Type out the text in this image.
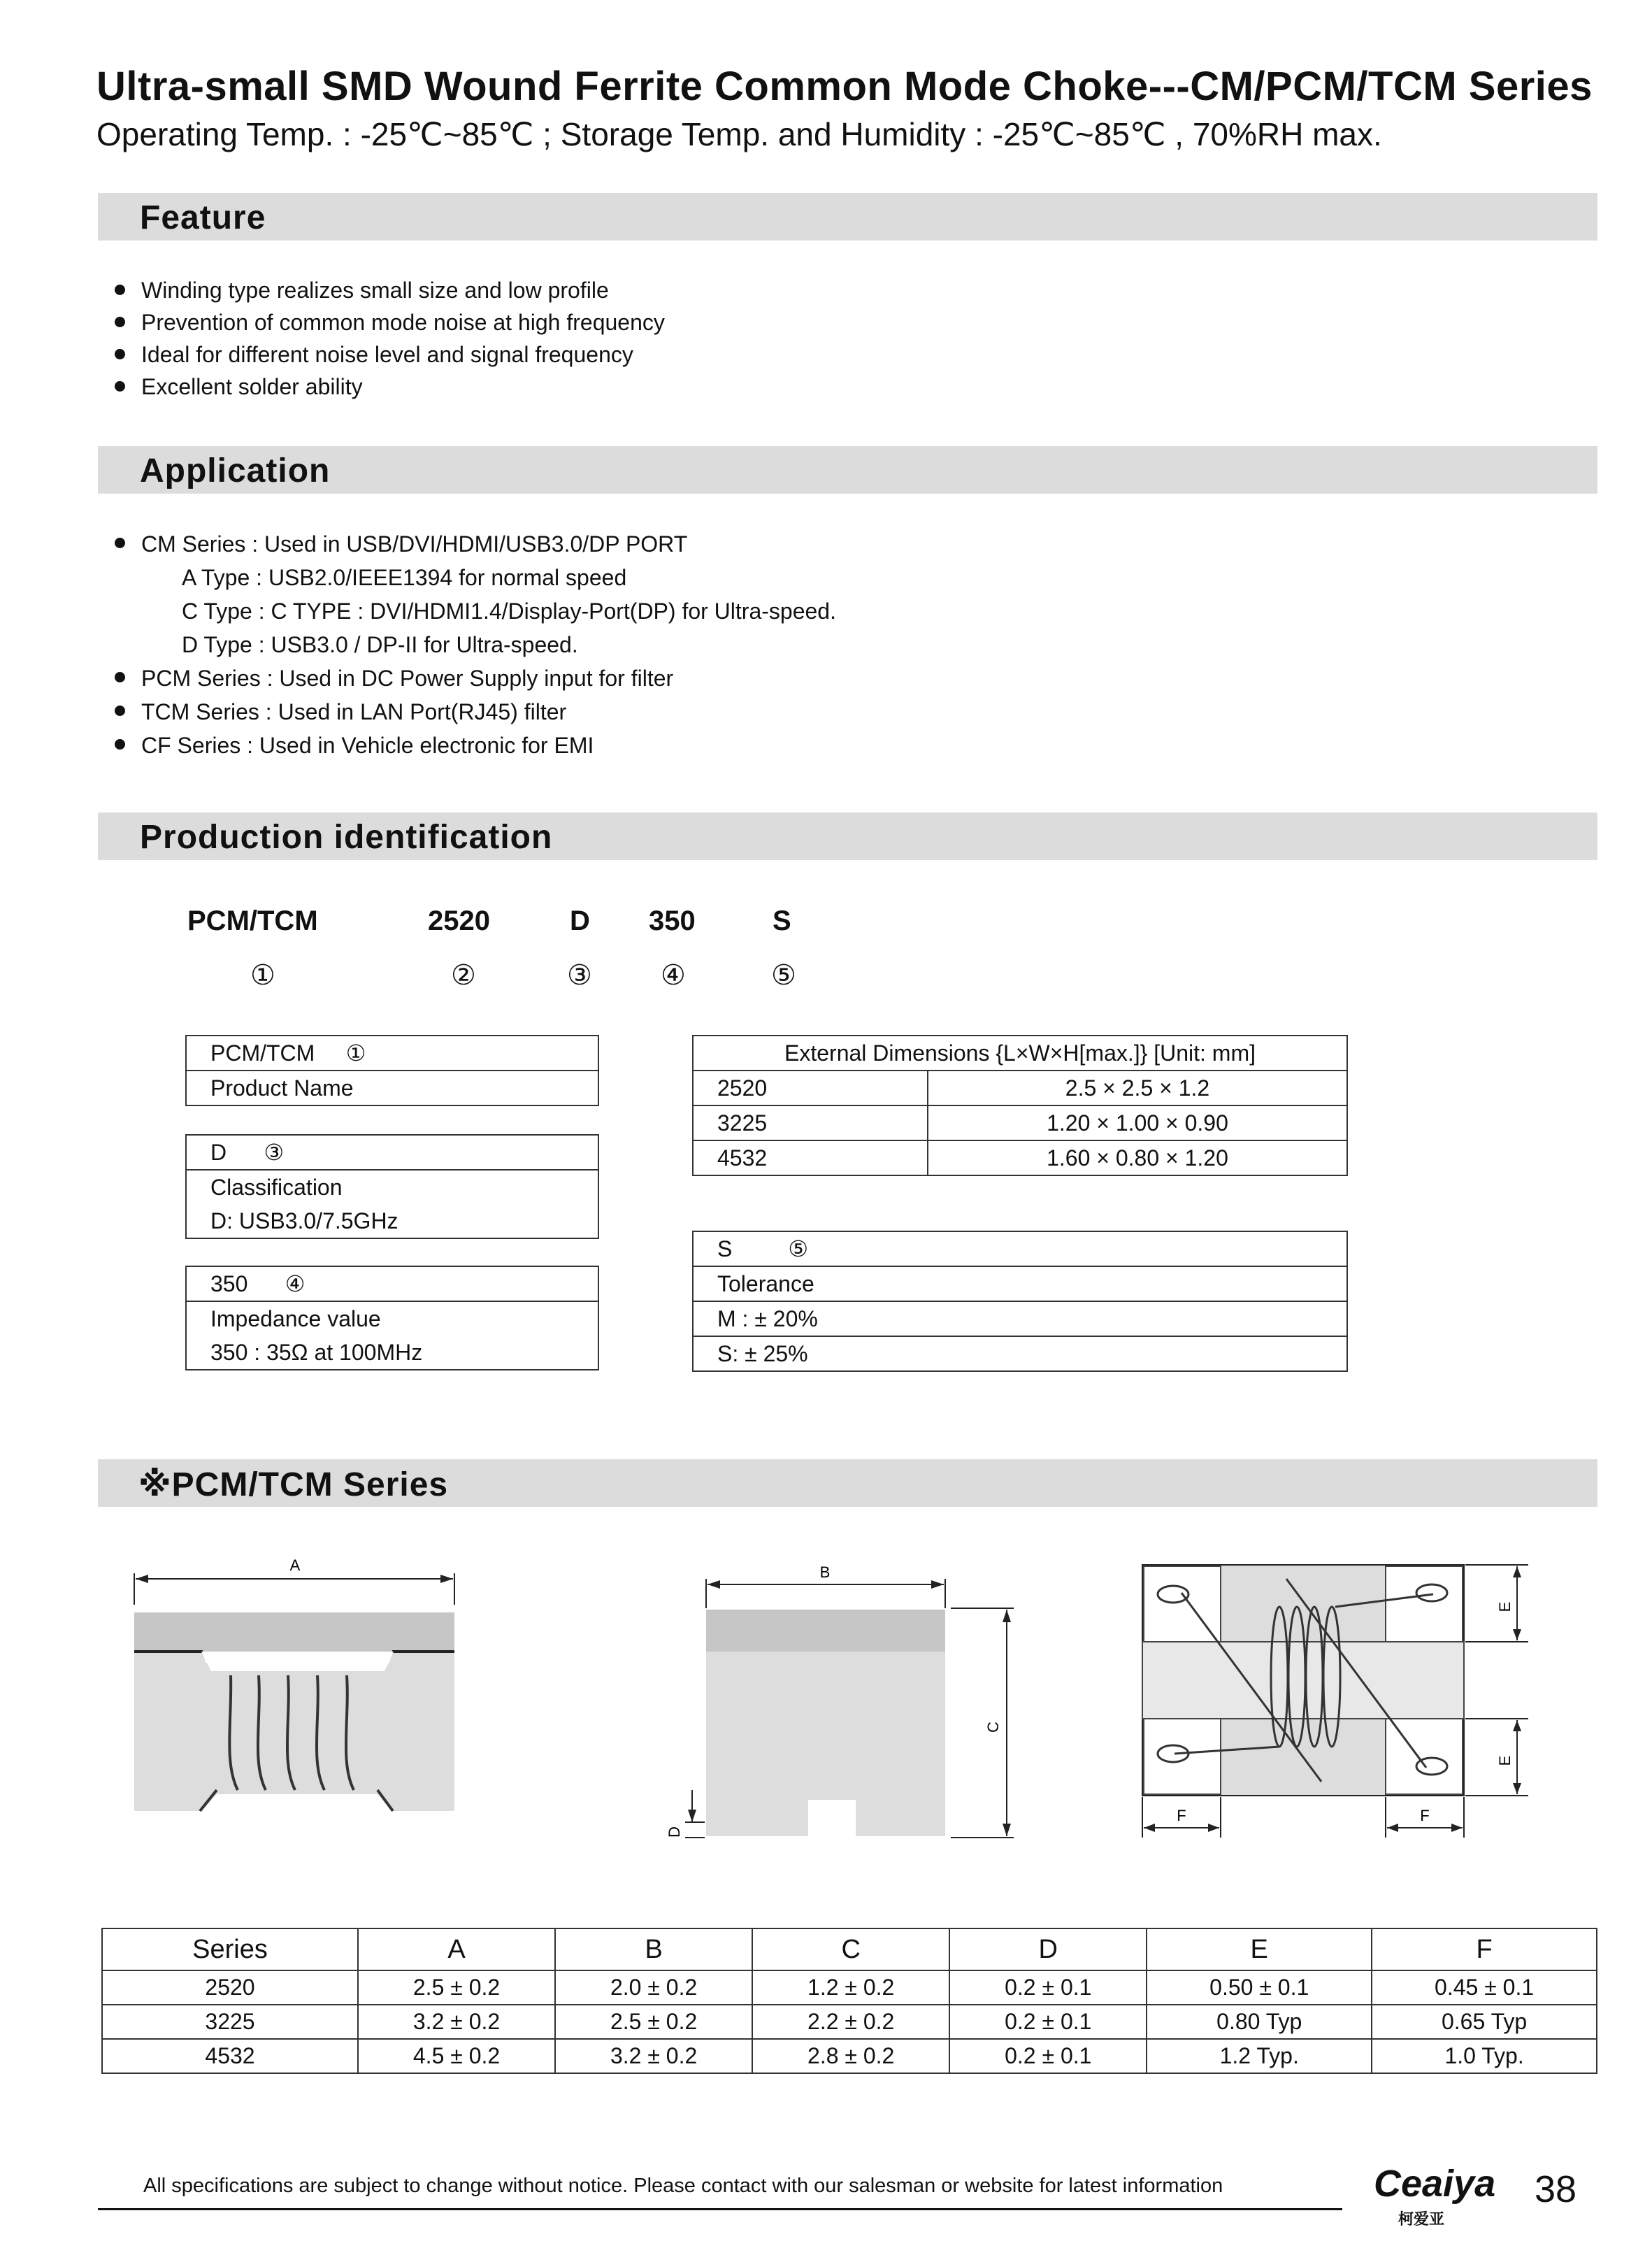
Ultra-small SMD Wound Ferrite Common Mode Choke---CM/PCM/TCM Series
Operating Temp. : -25℃~85℃ ; Storage Temp. and Humidity : -25℃~85℃ , 70%RH max.
Feature
Winding type realizes small size and low profile
Prevention of common mode noise at high frequency
Ideal for different noise level and signal frequency
Excellent solder ability
Application
CM Series : Used in USB/DVI/HDMI/USB3.0/DP PORT
A Type : USB2.0/IEEE1394 for normal speed
C Type : C TYPE : DVI/HDMI1.4/Display-Port(DP) for Ultra-speed.
D Type : USB3.0 / DP-II for Ultra-speed.
PCM Series : Used in DC Power Supply input for filter
TCM Series : Used in LAN Port(RJ45) filter
CF Series : Used in Vehicle electronic for EMI
Production identification
PCM/TCM	2520	D 350	S
①	②	③ ④	⑤
PCM/TCM ①
Product Name
D ③
Classification
D: USB3.0/7.5GHz
350 ④
Impedance value
350 : 35Ω at 100MHz
External Dimensions {L×W×H[max.]} [Unit: mm]	
2520	2.5 × 2.5 × 1.2
3225	1.20 × 1.00 × 0.90
4532	1.60 × 0.80 × 1.20
S	⑤
Tolerance
M : ± 20%
S: ± 25%
※PCM/TCM Series
A	B
C
D
E
E
F	F
Series	A	B	C	D	E	F
2520	2.5 ± 0.2	2.0 ± 0.2	1.2 ± 0.2	0.2 ± 0.1	0.50 ± 0.1	0.45 ± 0.1
3225	3.2 ± 0.2	2.5 ± 0.2	2.2 ± 0.2	0.2 ± 0.1	0.80 Typ	0.65 Typ
4532	4.5 ± 0.2	3.2 ± 0.2	2.8 ± 0.2	0.2 ± 0.1	1.2 Typ.	1.0 Typ.
All specifications are subject to change without notice. Please contact with our salesman or website for latest information	Ceaiya
柯爱亚
38
